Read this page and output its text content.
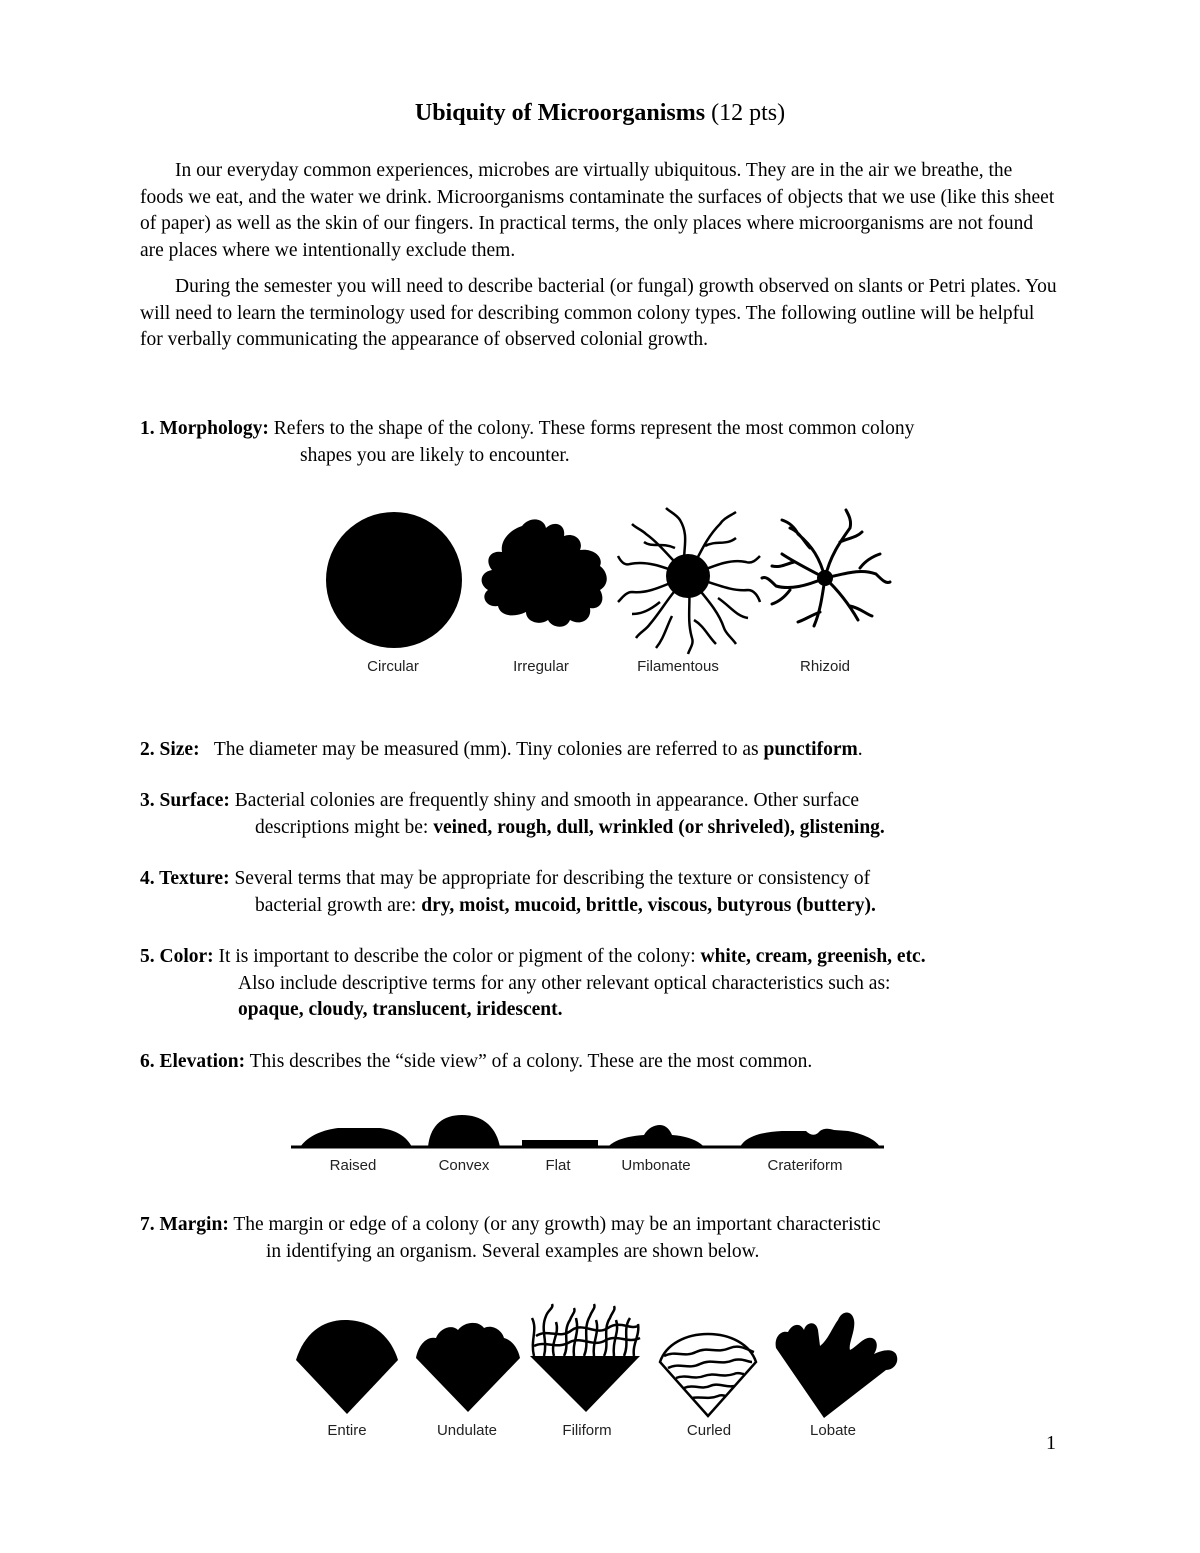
Ubiquity of Microorganisms (12 pts)

In our everyday common experiences, microbes are virtually ubiquitous. They are in the air we breathe, the foods we eat, and the water we drink. Microorganisms contaminate the surfaces of objects that we use (like this sheet of paper) as well as the skin of our fingers. In practical terms, the only places where microorganisms are not found are places where we intentionally exclude them.

During the semester you will need to describe bacterial (or fungal) growth observed on slants or Petri plates. You will need to learn the terminology used for describing common colony types. The following outline will be helpful for verbally communicating the appearance of observed colonial growth.

1. Morphology: Refers to the shape of the colony. These forms represent the most common colony
shapes you are likely to encounter.
Circular	Irregular	Filamentous	Rhizoid
2. Size: The diameter may be measured (mm). Tiny colonies are referred to as punctiform.
3. Surface: Bacterial colonies are frequently shiny and smooth in appearance. Other surface
descriptions might be: veined, rough, dull, wrinkled (or shriveled), glistening.
4. Texture: Several terms that may be appropriate for describing the texture or consistency of
bacterial growth are: dry, moist, mucoid, brittle, viscous, butyrous (buttery).
5. Color: It is important to describe the color or pigment of the colony: white, cream, greenish, etc.
Also include descriptive terms for any other relevant optical characteristics such as:
opaque, cloudy, translucent, iridescent.
6. Elevation: This describes the “side view” of a colony. These are the most common.
Raised	Convex	Flat	Umbonate	Crateriform
7. Margin: The margin or edge of a colony (or any growth) may be an important characteristic
in identifying an organism. Several examples are shown below.
Entire	Undulate	Filiform	Curled	Lobate
1
